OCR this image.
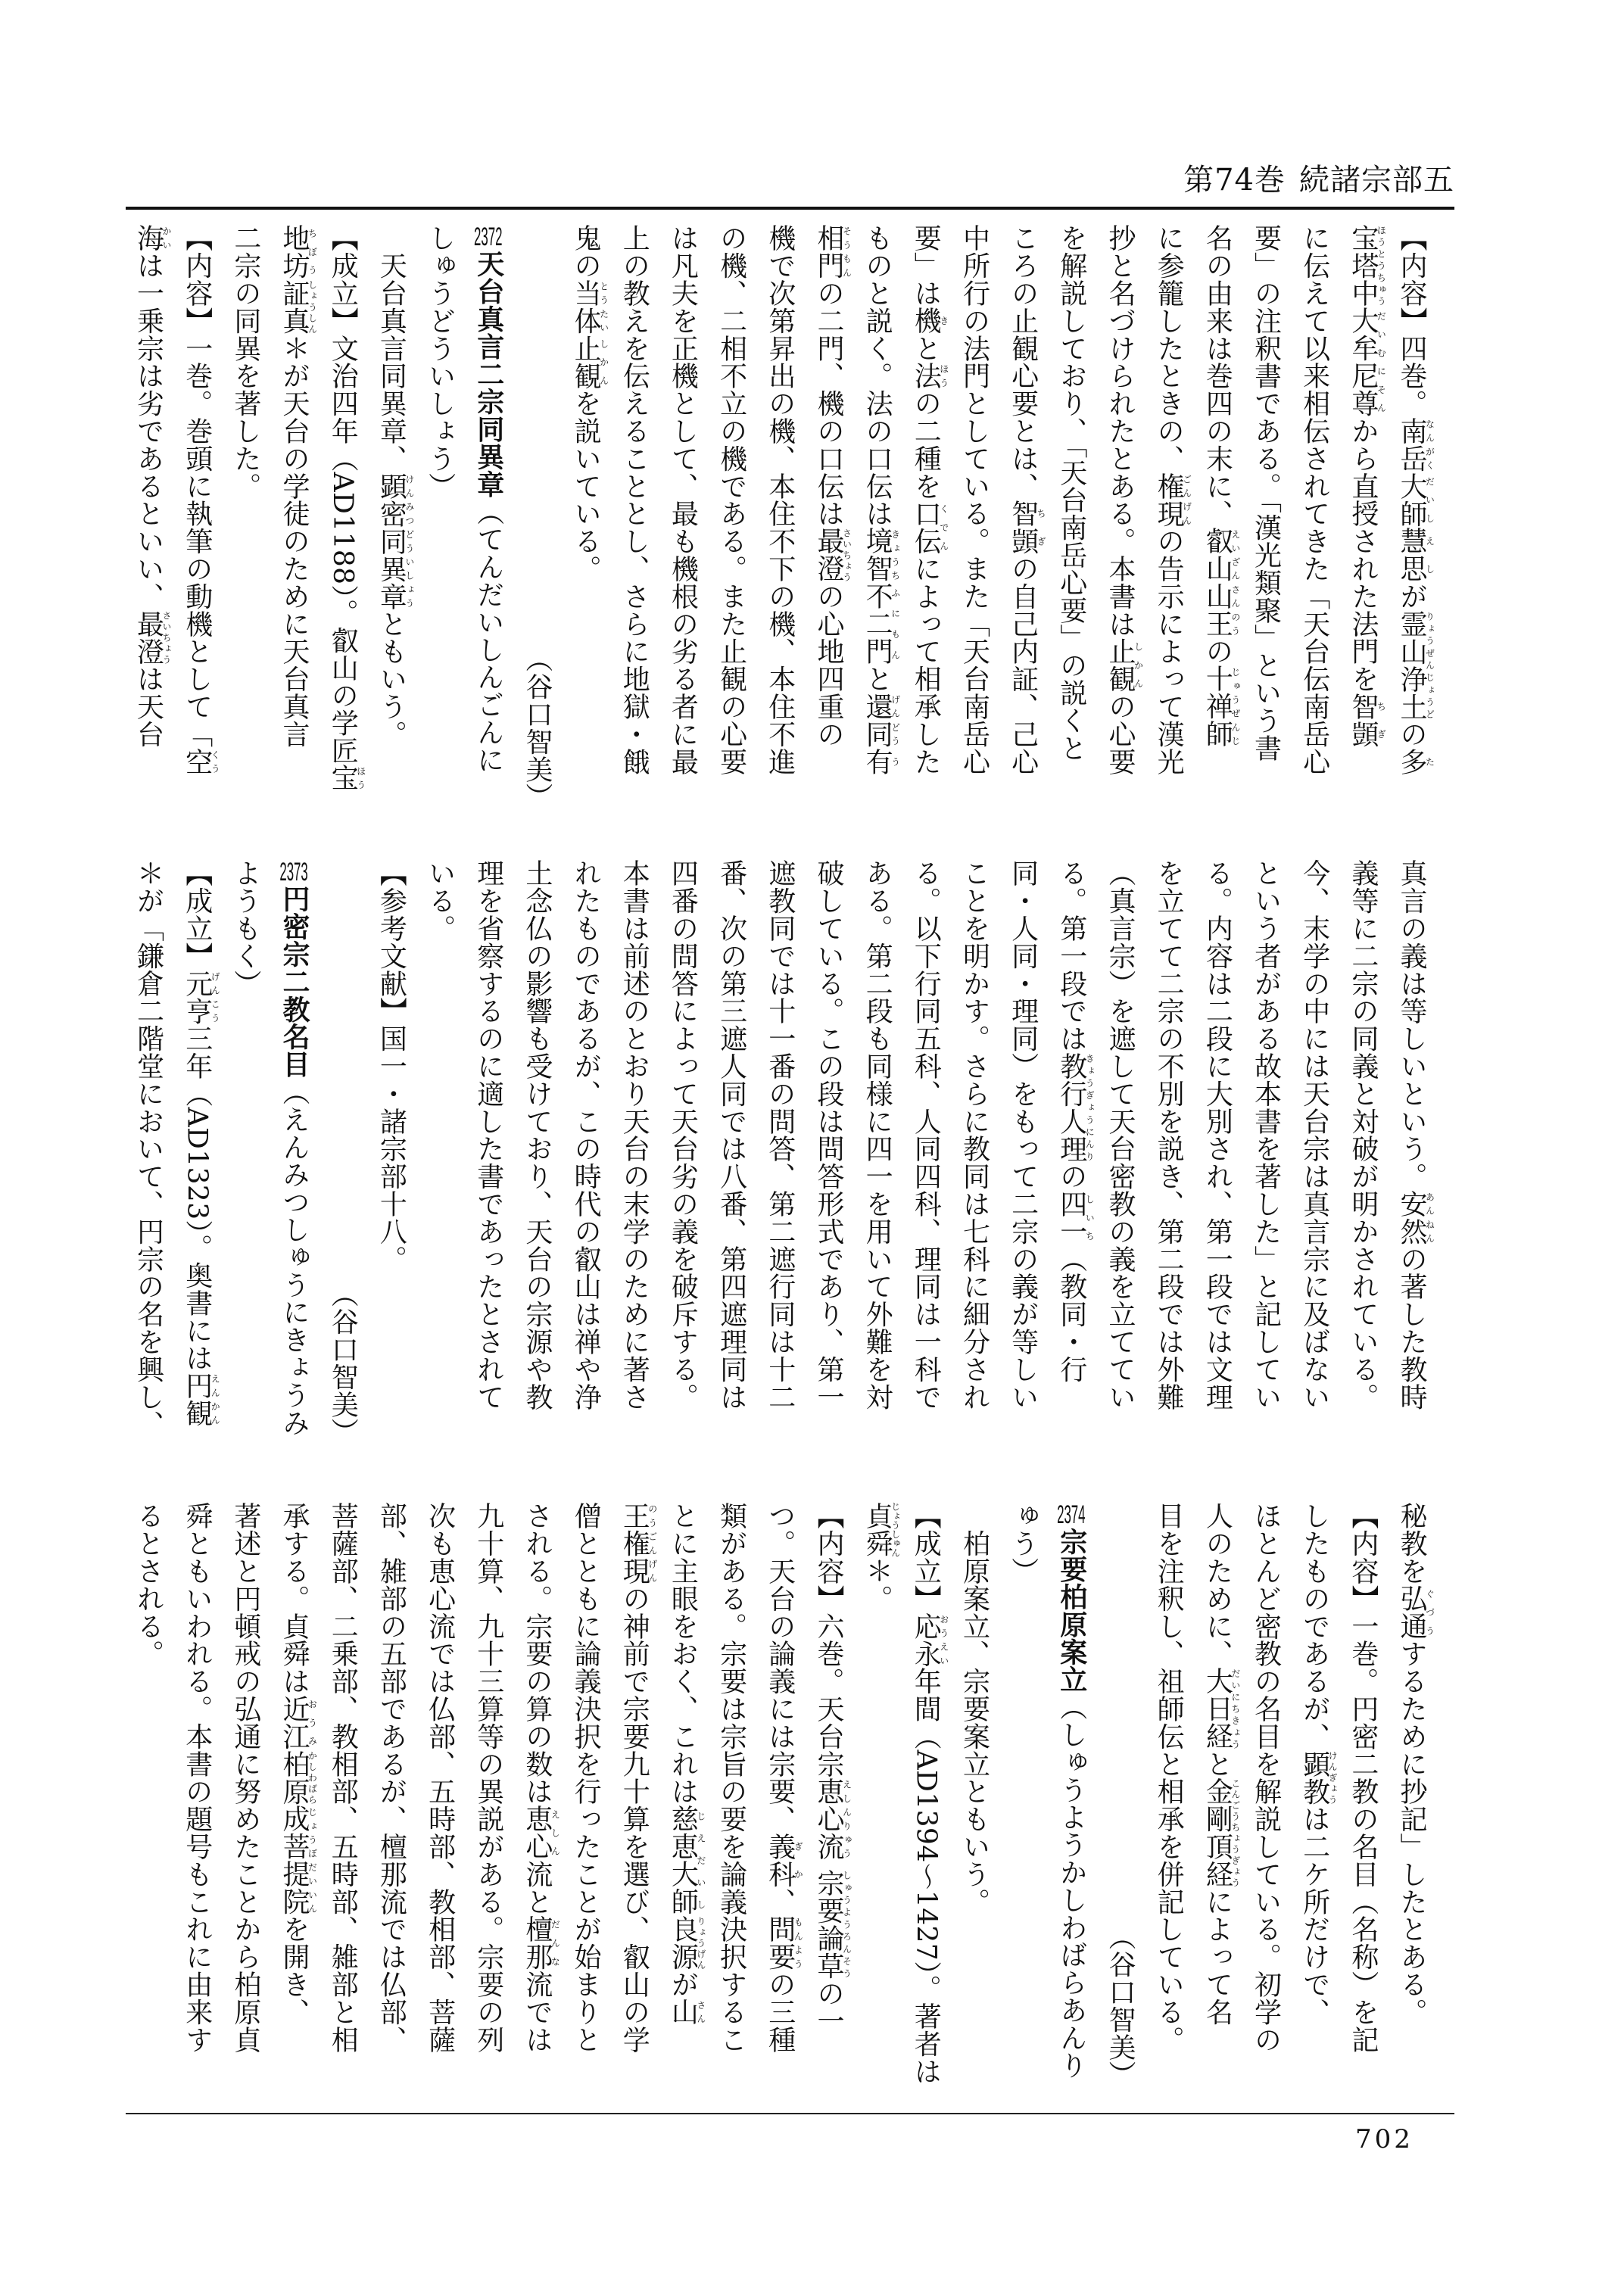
第74巻 続諸宗部五
【内容】四巻。南岳なんがく大師だいし慧思えしが霊山浄土りょうぜんじょうどの多た
宝塔中ほうとうちゅう大牟尼尊だいむにそんから直授された法門を智顗ちぎ
に伝えて以来相伝されてきた「天台伝南岳心
要」の注釈書である。「漢光類聚」という書
名の由来は巻四の末に、叡山山王えいざんさんのうの十禅師じゅうぜんじ
に参籠したときの、権現ごんげんの告示によって漢光
抄と名づけられたとある。本書は止観しかんの心要
を解説しており、「天台南岳心要」の説くと
ころの止観心要とは、智顗ちぎの自己内証、己心
中所行の法門としている。また「天台南岳心
要」は機きと法ほうの二種を口伝くでんによって相承した
ものと説く。法の口伝は境智きょうち不二門ふにもんと還同げんどう有う
相門そうもんの二門、機の口伝は最澄さいちょうの心地四重の
機で次第昇出の機、本住不下の機、本住不進
の機、二相不立の機である。また止観の心要
は凡夫を正機として、最も機根の劣る者に最
上の教えを伝えることとし、さらに地獄・餓
鬼の当体とうたい止観しかんを説いている。
（谷口智美）
2372天台真言二宗同異章（てんだいしんごんに
しゅうどういしょう）
　天台真言同異章、顕密同異章けんみつどういしょうともいう。
【成立】文治四年（AD1188）。叡山の学匠宝ほう
地坊ちぼう証真しょうしん＊が天台の学徒のために天台真言
二宗の同異を著した。
【内容】一巻。巻頭に執筆の動機として「空くう
海かいは一乗宗は劣であるといい、最澄さいちょうは天台
真言の義は等しいという。安然あんねんの著した教時
義等に二宗の同義と対破が明かされている。
今、末学の中には天台宗は真言宗に及ばない
という者がある故本書を著した」と記してい
る。内容は二段に大別され、第一段では文理
を立てて二宗の不別を説き、第二段では外難
（真言宗）を遮して天台密教の義を立ててい
る。第一段では教行人理きょうぎょうにんりの四一しいち（教同・行
同・人同・理同）をもって二宗の義が等しい
ことを明かす。さらに教同は七科に細分され
る。以下行同五科、人同四科、理同は一科で
ある。第二段も同様に四一を用いて外難を対
破している。この段は問答形式であり、第一
遮教同では十一番の問答、第二遮行同は十二
番、次の第三遮人同では八番、第四遮理同は
四番の問答によって天台劣の義を破斥する。
本書は前述のとおり天台の末学のために著さ
れたものであるが、この時代の叡山は禅や浄
土念仏の影響も受けており、天台の宗源や教
理を省察するのに適した書であったとされて
いる。
【参考文献】国一・諸宗部十八。
（谷口智美）
2373円密宗二教名目（えんみつしゅうにきょうみ
ようもく）
【成立】元亨げんこう三年（AD1323）。奥書には円観えんかん
＊が「鎌倉二階堂において、円宗の名を興し、
秘教を弘通ぐづうするために抄記」したとある。
【内容】一巻。円密二教の名目（名称）を記
したものであるが、顕教けんぎょうは二ケ所だけで、
ほとんど密教の名目を解説している。初学の
人のために、大日経だいにちきょうと金剛頂経こんごうちょうぎょうによって名
目を注釈し、祖師伝と相承を併記している。
（谷口智美）
2374宗要柏原案立（しゅうようかしわばらあんり
ゅう）
　柏原案立、宗要案立ともいう。
【成立】応永おうえい年間（AD1394〜1427）。著者は
貞舜じょうしゅん＊。
【内容】六巻。天台宗恵心流えしんりゅう 宗要論草しゅうようろんそうの一
つ。天台の論義には宗要、義科ぎか、問要もんようの三種
類がある。宗要は宗旨の要を論義決択するこ
とに主眼をおく、これは慈恵大師じえだいし良源りょうげんが山さん
王権現のうごんげんの神前で宗要九十算を選び、叡山の学
僧とともに論義決択を行ったことが始まりと
される。宗要の算の数は恵心えしん流と檀那だんな流では
九十算、九十三算等の異説がある。宗要の列
次も恵心流では仏部、五時部、教相部、菩薩
部、雑部の五部であるが、檀那流では仏部、
菩薩部、二乗部、教相部、五時部、雑部と相
承する。貞舜は近江おうみ柏原かしわばら成菩提院じょうぼだいいんを開き、
著述と円頓戒の弘通に努めたことから柏原貞
舜ともいわれる。本書の題号もこれに由来す
るとされる。
702
